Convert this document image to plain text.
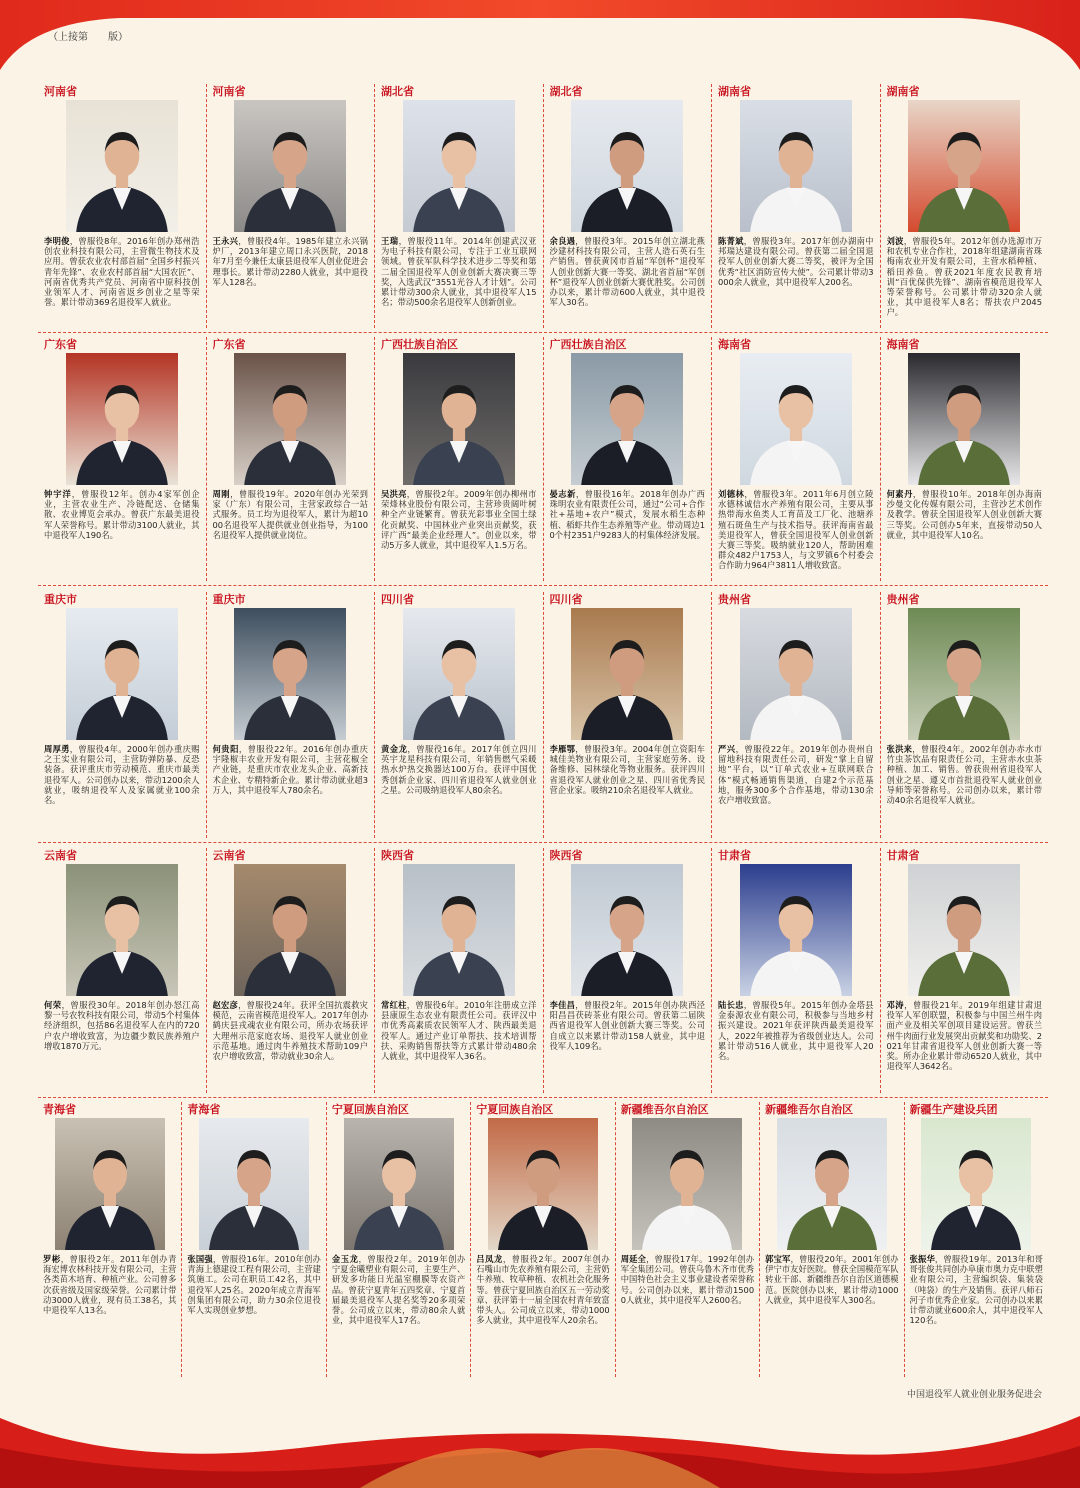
（上接第　　版）
河南省
李明俊，曾服役8年。2016年创办郑州浩创农业科技有限公司，主营微生物技术及应用。曾获农业农村部首届“全国乡村振兴青年先锋”、农业农村部首届“大国农匠”、河南省优秀共产党员、河南省中原科技创业领军人才、河南省返乡创业之星等荣誉。累计带动369名退役军人就业。
河南省
王永兴，曾服役4年。1985年建立永兴锅炉厂，2013年建立周口永兴医院，2018年7月至今兼任太康县退役军人创业促进会理事长。累计带动2280人就业，其中退役军人128名。
湖北省
王瑞，曾服役11年。2014年创建武汉亚为电子科技有限公司，专注于工业互联网领域。曾获军队科学技术进步二等奖和第二届全国退役军人创业创新大赛决赛三等奖，入选武汉“3551光谷人才计划”。公司累计带动300余人就业，其中退役军人15名；带动500余名退役军人创新创业。
湖北省
余良遇，曾服役3年。2015年创立湖北燕沙建材科技有限公司，主营人造石英石生产销售。曾获黄冈市首届“军创杯”退役军人创业创新大赛一等奖、湖北省首届“军创杯”退役军人创业创新大赛优胜奖。公司创办以来，累计带动600人就业，其中退役军人30名。
湖南省
陈菁斌，曾服役3年。2017年创办湖南中邦瑞达建设有限公司。曾获第二届全国退役军人创业创新大赛二等奖，被评为全国优秀“社区消防宣传大使”。公司累计带动3000余人就业，其中退役军人200名。
湖南省
刘波，曾服役5年。2012年创办选源市万和农机专业合作社，2018年组建湖南省珠梅南农业开发有限公司，主营水稻种植、稻田养鱼。曾获2021年度农民教育培训“百优保供先锋”、湖南省模范退役军人等荣誉称号。公司累计带动320余人就业，其中退役军人8名；帮扶农户2045户。
广东省
钟宇洋，曾服役12年。创办4家军创企业，主营农业生产、冷链配送、仓储集散、农业博览会承办。曾获广东最美退役军人荣誉称号。累计带动3100人就业，其中退役军人190名。
广东省
周刚，曾服役19年。2020年创办光荣到家（广东）有限公司，主营家政综合一站式服务。员工均为退役军人，累计为超1000名退役军人提供就业创业指导，为100名退役军人提供就业岗位。
广西壮族自治区
吴洪亮，曾服役2年。2009年创办柳州市荣烽林业股份有限公司，主营珍贵阔叶树种全产业链繁育。曾获光彩事业全国土绿化贡献奖、中国林业产业突出贡献奖，获评广西“最美企业经理人”。创业以来，带动5万多人就业，其中退役军人1.5万名。
广西壮族自治区
晏志新，曾服役16年。2018年创办广西珠明农业有限责任公司，通过“公司+合作社+基地+农户”模式，发展水稻生态种植、稻虾共作生态养殖等产业。带动周边10个村2351户9283人的村集体经济发展。
海南省
刘德林，曾服役3年。2011年6月创立陵水德林诚信水产养殖有限公司，主要从事热带海水鱼类人工育苗及工厂化、池塘养殖石斑鱼生产与技术指导。获评海南省最美退役军人，曾获全国退役军人创业创新大赛三等奖。吸纳就业120人，帮助困难群众482户1753人，与文罗镇6个村委会合作助力964户3811人增收致富。
海南省
何素丹，曾服役10年。2018年创办海南沙曼文化传媒有限公司，主营沙艺术创作及教学。曾获全国退役军人创业创新大赛三等奖。公司创办5年来，直接带动50人就业，其中退役军人10名。
重庆市
周厚勇，曾服役4年。2000年创办重庆赐之王实业有限公司，主营防弹防暴、反恐装备。获评重庆市劳动模范、重庆市最美退役军人。公司创办以来，带动1200余人就业，吸纳退役军人及家属就业100余名。
重庆市
何贵阳，曾服役22年。2016年创办重庆宇隆椒丰农业开发有限公司，主营花椒全产业链，是重庆市农业龙头企业、高新技术企业、专精特新企业。累计带动就业超3万人，其中退役军人780余名。
四川省
黄金龙，曾服役16年。2017年创立四川英宇龙星科技有限公司，年销售燃气采暖热水炉热交换器达100万台。获评中国优秀创新企业家、四川省退役军人就业创业之星。公司吸纳退役军人80余名。
四川省
李雁鄂，曾服役3年。2004年创立资阳车城佳美物业有限公司，主营家庭劳务、设备维修、园林绿化等物业服务。获评四川省退役军人就业创业之星、四川省优秀民营企业家。吸纳210余名退役军人就业。
贵州省
严兴，曾服役22年。2019年创办贵州自留地科技有限责任公司，研发“掌上自留地”平台，以“订单式农业+互联网联合体”模式畅通销售渠道，自建2个示范基地，服务300多个合作基地，带动130余农户增收致富。
贵州省
张洪来，曾服役4年。2002年创办赤水市竹虫茶饮品有限责任公司，主营赤水虫茶种植、加工、销售。曾获贵州省退役军人创业之星、遵义市首批退役军人就业创业导师等荣誉称号。公司创办以来，累计带动40余名退役军人就业。
云南省
何荣，曾服役30年。2018年创办怒江高黎一号农牧科技有限公司，带动5个村集体经济组织，包括86名退役军人在内的720户农户增收致富，为边疆少数民族养殖户增收1870万元。
云南省
赵宏彦，曾服役24年。获评全国抗震救灾模范，云南省模范退役军人。2017年创办鹤庆县戎魂农业有限公司，所办农场获评大理州示范家庭农场、退役军人就业创业示范基地。通过肉牛养殖技术帮助109户农户增收致富，带动就业30余人。
陕西省
常红柱，曾服役6年。2010年注册成立洋县康原生态农业有限责任公司。获评汉中市优秀高素质农民领军人才、陕西最美退役军人。通过产业订单帮扶、技术培训帮扶、采购销售帮扶等方式累计带动480余人就业，其中退役军人36名。
陕西省
李佳昌，曾服役2年。2015年创办陕西泾阳昌昌茯砖茶业有限公司。曾获第二届陕西省退役军人创业创新大赛三等奖。公司自成立以来累计带动158人就业，其中退役军人109名。
甘肃省
陆长忠，曾服役5年。2015年创办金塔县金泰源农业有限公司，积极参与当地乡村振兴建设。2021年获评陕西最美退役军人，2022年被推荐为省级创业达人。公司累计带动516人就业，其中退役军人20名。
甘肃省
邓涛，曾服役21年。2019年组建甘肃退役军人军创联盟，积极参与中国兰州牛肉面产业及相关军创项目建设运营。曾获兰州牛肉面行业发展突出贡献奖和功勋奖、2021年甘肃省退役军人创业创新大赛一等奖。所办企业累计带动6520人就业，其中退役军人3642名。
青海省
罗彬，曾服役2年。2011年创办青海宏博农林科技开发有限公司，主营各类苗木培育、种植产业。公司曾多次获省级及国家级荣誉。公司累计带动3000人就业，现有员工38名，其中退役军人13名。
青海省
张国强，曾服役16年。2010年创办青海上德建设工程有限公司，主营建筑施工。公司在职员工42名，其中退役军人25名。2020年成立青海军创集团有限公司，助力30余位退役军人实现创业梦想。
宁夏回族自治区
金玉龙，曾服役2年。2019年创办宁夏金曦塑业有限公司，主要生产、研发多功能日光温室棚膜等农资产品。曾获宁夏青年五四奖章、宁夏首届最美退役军人提名奖等20多项荣誉。公司成立以来，带动80余人就业，其中退役军人17名。
宁夏回族自治区
吕凤龙，曾服役2年。2007年创办石嘴山市先农养殖有限公司，主营奶牛养殖、牧草种植、农机社会化服务等。曾获宁夏回族自治区五一劳动奖章、获评第十一届全国农村青年致富带头人。公司成立以来，带动1000多人就业，其中退役军人20余名。
新疆维吾尔自治区
周延全，曾服役17年。1992年创办军全集团公司。曾获乌鲁木齐市优秀中国特色社会主义事业建设者荣誉称号。公司创办以来，累计带动15000人就业，其中退役军人2600名。
新疆维吾尔自治区
郭宝军，曾服役20年。2001年创办伊宁市友好医院。曾获全国模范军队转业干部、新疆维吾尔自治区道德模范。医院创办以来，累计带动1000人就业，其中退役军人300名。
新疆生产建设兵团
张振华，曾服役19年。2013年和哥哥张俊共同创办阜康市奥力克中联塑业有限公司，主营编织袋、集装袋（吨袋）的生产及销售。获评八师石河子市优秀企业家。公司创办以来累计带动就业600余人，其中退役军人120名。
中国退役军人就业创业服务促进会
